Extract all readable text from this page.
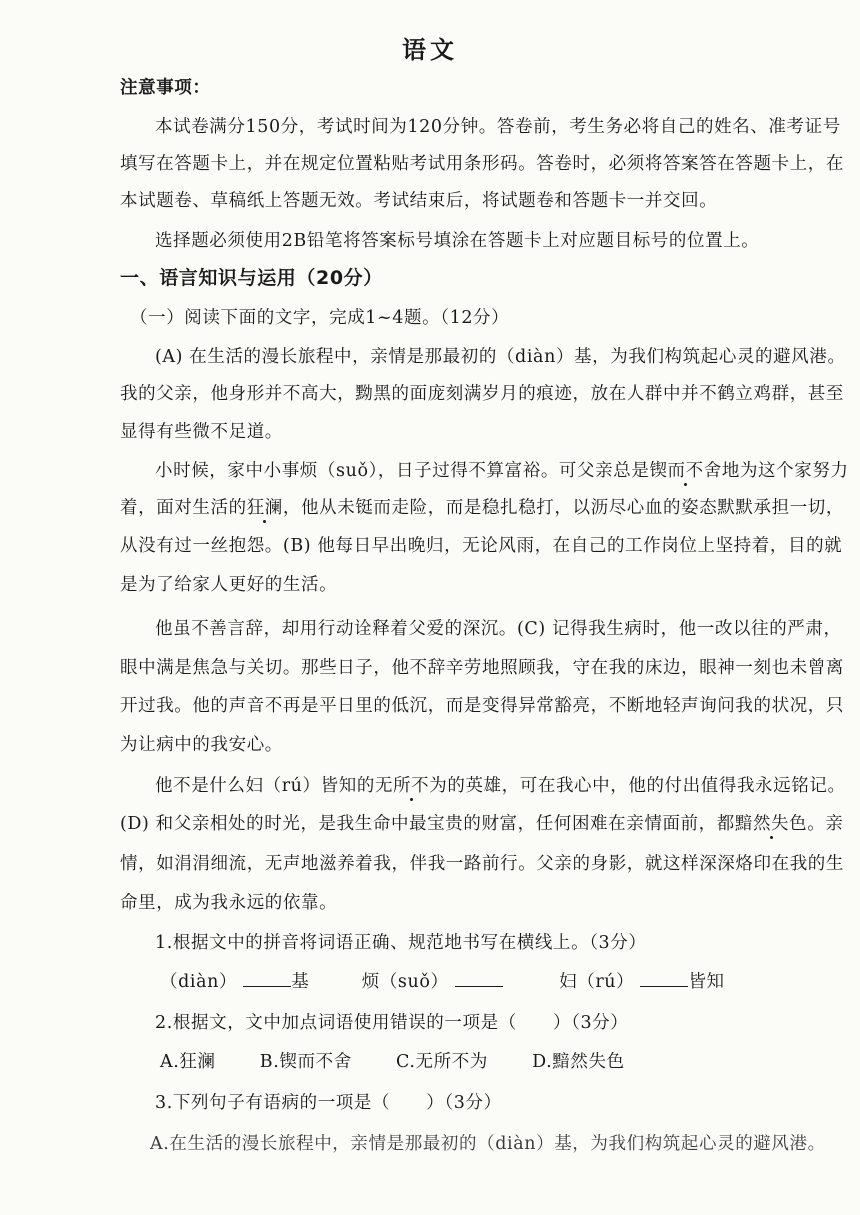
语文
注意事项：
本试卷满分150分，考试时间为120分钟。答卷前，考生务必将自己的姓名、准考证号
填写在答题卡上，并在规定位置粘贴考试用条形码。答卷时，必须将答案答在答题卡上，在
本试题卷、草稿纸上答题无效。考试结束后，将试题卷和答题卡一并交回。
选择题必须使用2B铅笔将答案标号填涂在答题卡上对应题目标号的位置上。
一、语言知识与运用（20分）
（一）阅读下面的文字，完成1~4题。（12分）
(A) 在生活的漫长旅程中，亲情是那最初的（diàn）基，为我们构筑起心灵的避风港。
我的父亲，他身形并不高大，黝黑的面庞刻满岁月的痕迹，放在人群中并不鹤立鸡群，甚至
显得有些微不足道。
小时候，家中小事烦（suǒ），日子过得不算富裕。可父亲总是锲而不舍地为这个家努力
着，面对生活的狂澜，他从未铤而走险，而是稳扎稳打，以沥尽心血的姿态默默承担一切，
从没有过一丝抱怨。(B) 他每日早出晚归，无论风雨，在自己的工作岗位上坚持着，目的就
是为了给家人更好的生活。
他虽不善言辞，却用行动诠释着父爱的深沉。(C) 记得我生病时，他一改以往的严肃，
眼中满是焦急与关切。那些日子，他不辞辛劳地照顾我，守在我的床边，眼神一刻也未曾离
开过我。他的声音不再是平日里的低沉，而是变得异常豁亮，不断地轻声询问我的状况，只
为让病中的我安心。
他不是什么妇（rú）皆知的无所不为的英雄，可在我心中，他的付出值得我永远铭记。
(D) 和父亲相处的时光，是我生命中最宝贵的财富，任何困难在亲情面前，都黯然失色。亲
情，如涓涓细流，无声地滋养着我，伴我一路前行。父亲的身影，就这样深深烙印在我的生
命里，成为我永远的依靠。
1.根据文中的拼音将词语正确、规范地书写在横线上。（3分）
（diàn）	基	烦（suǒ）	妇（rú）	皆知
2.根据文，文中加点词语使用错误的一项是（　　）（3分）
A.狂澜	B.锲而不舍	C.无所不为	D.黯然失色
3.下列句子有语病的一项是（　　）（3分）
A.在生活的漫长旅程中，亲情是那最初的（diàn）基，为我们构筑起心灵的避风港。
